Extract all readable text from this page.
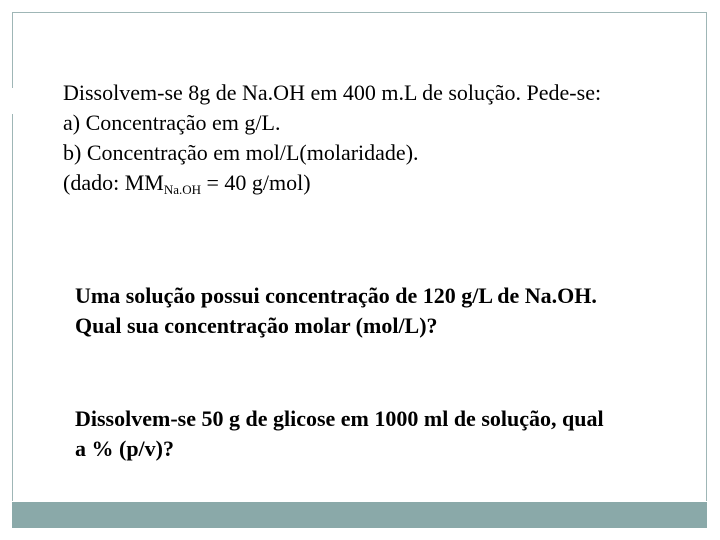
Dissolvem-se 8g de Na.OH em 400 m.L de solução. Pede-se:
a) Concentração em g/L.
b) Concentração em mol/L(molaridade).
(dado: $MM_{Na.OH} = 40$ g/mol)
Uma solução possui concentração de 120 g/L de Na.OH.
Qual sua concentração molar (mol/L)?
Dissolvem-se 50 g de glicose em 1000 ml de solução, qual
a % (p/v)?
